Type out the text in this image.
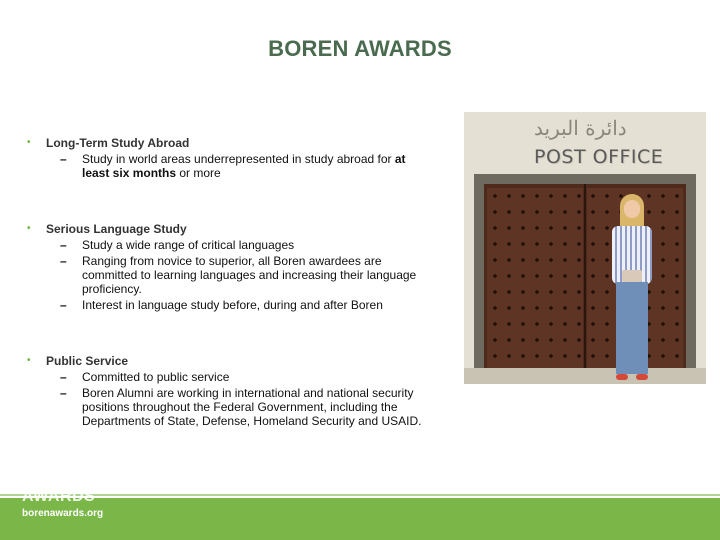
BOREN AWARDS
• Long-Term Study Abroad
– Study in world areas underrepresented in study abroad for at least six months or more
• Serious Language Study
– Study a wide range of critical languages
– Ranging from novice to superior, all Boren awardees are committed to learning languages and increasing their language proficiency.
– Interest in language study before, during and after Boren
• Public Service
– Committed to public service
– Boren Alumni are working in international and national security positions throughout the Federal Government, including the Departments of State, Defense, Homeland Security and USAID.
دائرة البريد
POST OFFICE
AWARDS
borenawards.org
